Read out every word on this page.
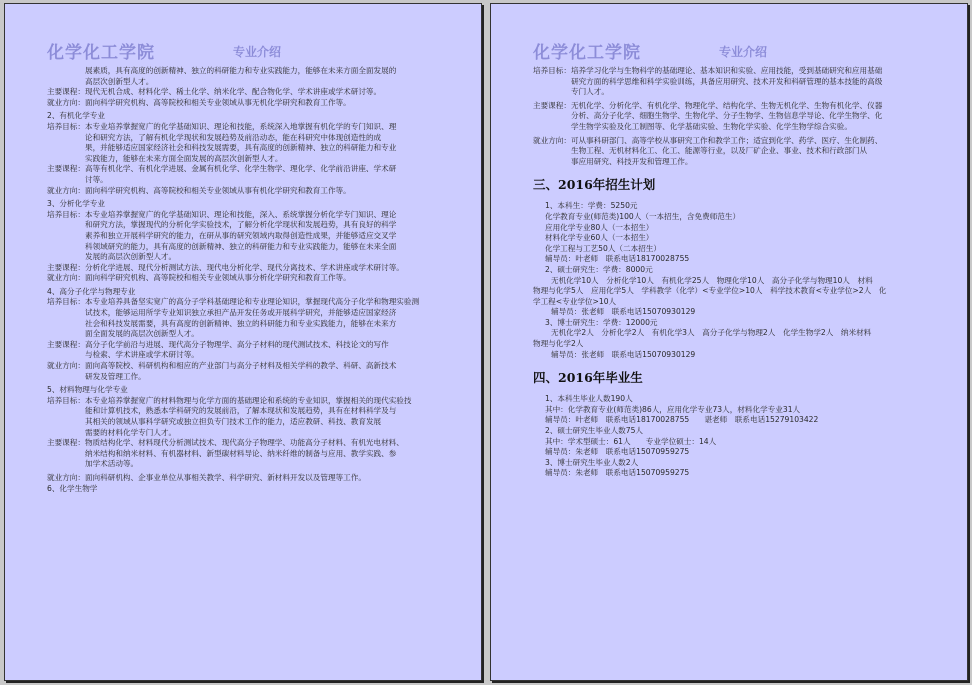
化学化工学院	专业介绍
展素质，具有高度的创新精神、独立的科研能力和专业实践能力，能够在未来方面全面发展的
高层次创新型人才。
主要课程：现代无机合成、材料化学、稀土化学、纳米化学、配合物化学、学术讲座或学术研讨等。
就业方向：面向科学研究机构、高等院校和相关专业领域从事无机化学研究和教育工作等。
2、有机化学专业
培养目标：本专业培养掌握宽广的化学基础知识、理论和技能，系统深入地掌握有机化学的专门知识、理
论和研究方法，了解有机化学现状和发展趋势及前沿动态，能在科研究中体现创造性的成
果，并能够适应国家经济社会和科技发展需要，具有高度的创新精神、独立的科研能力和专业
实践能力，能够在未来方面全面发展的高层次创新型人才。
主要课程：高等有机化学、有机化学进展、金属有机化学、化学生物学、理化学、化学前沿讲座、学术研
讨等。
就业方向：面向科学研究机构、高等院校和相关专业领域从事有机化学研究和教育工作等。
3、分析化学专业
培养目标：本专业培养掌握宽广的化学基础知识、理论和技能，深入、系统掌握分析化学专门知识、理论
和研究方法，掌握现代的分析化学实验技术，了解分析化学现状和发展趋势，具有良好的科学
素养和独立开展科学研究的能力，在研从事的研究领域内取得创造性成果，并能够适应交叉学
科领域研究的能力，具有高度的创新精神、独立的科研能力和专业实践能力，能够在未来全面
发展的高层次创新型人才。
主要课程：分析化学进展、现代分析测试方法、现代电分析化学、现代分离技术、学术讲座或学术研讨等。
就业方向：面向科学研究机构、高等院校和相关专业领域从事分析化学研究和教育工作等。
4、高分子化学与物理专业
培养目标：本专业培养具备坚实宽广的高分子学科基础理论和专业理论知识，掌握现代高分子化学和物理实验测
试技术，能够运用所学专业知识独立承担产品开发任务或开展科学研究，并能够适应国家经济
社会和科技发展需要，具有高度的创新精神、独立的科研能力和专业实践能力，能够在未来方
面全面发展的高层次创新型人才。
主要课程：高分子化学前沿与进展、现代高分子物理学、高分子材料的现代测试技术、科技论文的写作
与检索、学术讲座或学术研讨等。
就业方向：面向高等院校、科研机构和相应的产业部门与高分子材料及相关学科的教学、科研、高新技术
研发及管理工作。
5、材料物理与化学专业
培养目标：本专业培养掌握宽广的材料物理与化学方面的基础理论和系统的专业知识，掌握相关的现代实验技
能和计算机技术，熟悉本学科研究的发展前沿，了解本现状和发展趋势，具有在材料科学及与
其相关的领域从事科学研究或独立担负专门技术工作的能力，适应教研、科技、教育发展
需要的材料化学专门人才。
主要课程：物质结构化学、材料现代分析测试技术、现代高分子物理学、功能高分子材料、有机光电材料、
纳米结构和纳米材料、有机器材料、新型碳材料导论、纳米纤维的制备与应用、教学实践、参
加学术活动等。
就业方向：面向科研机构、企事业单位从事相关教学、科学研究、新材料开发以及管理等工作。
6、化学生物学
化学化工学院	专业介绍
培养目标：培养学习化学与生物科学的基础理论、基本知识和实验、应用技能，受到基础研究和应用基础
研究方面的科学思维和科学实验训练，具备应用研究、技术开发和科研管理的基本技能的高级
专门人才。
主要课程：无机化学、分析化学、有机化学、物理化学、结构化学、生物无机化学、生物有机化学、仪器
分析、高分子化学、细胞生物学、生物化学、分子生物学、生物信息学导论、化学生物学、化
学生物学实验及化工制图等、化学基础实验、生物化学实验、化学生物学综合实验。
就业方向：可从事科研部门、高等学校从事研究工作和教学工作；适宜到化学、药学、医疗、生化制药、
生物工程、无机材料化工、化工、能源等行业，以及厂矿企业、事业、技术和行政部门从
事应用研究、科技开发和管理工作。
三、2016年招生计划
1、本科生：学费：5250元
化学教育专业(师范类)100人（一本招生，含免费师范生）
应用化学专业80人（一本招生）
材料化学专业60人（一本招生）
化学工程与工艺50人（二本招生）
辅导员：叶老师　联系电话18170028755
2、硕士研究生：学费：8000元
无机化学10人　分析化学10人　有机化学25人　物理化学10人　高分子化学与物理10人　材料
物理与化学5人　应用化学5人　学科教学（化学）<专业学位>10人　科学技术教育<专业学位>2人　化
学工程<专业学位>10人
辅导员：张老师　联系电话15070930129
3、博士研究生：学费：12000元
无机化学2人　分析化学2人　有机化学3人　高分子化学与物理2人　化学生物学2人　纳米材料
物理与化学2人
辅导员：张老师　联系电话15070930129
四、2016年毕业生
1、本科生毕业人数190人
其中：化学教育专业(师范类)86人，应用化学专业73人，材料化学专业31人
辅导员：叶老师　联系电话18170028755　　谌老师　联系电话15279103422
2、硕士研究生毕业人数75人
其中：学术型硕士：61人　　专业学位硕士：14人
辅导员：朱老师　联系电话15070959275
3、博士研究生毕业人数2人
辅导员：朱老师　联系电话15070959275
